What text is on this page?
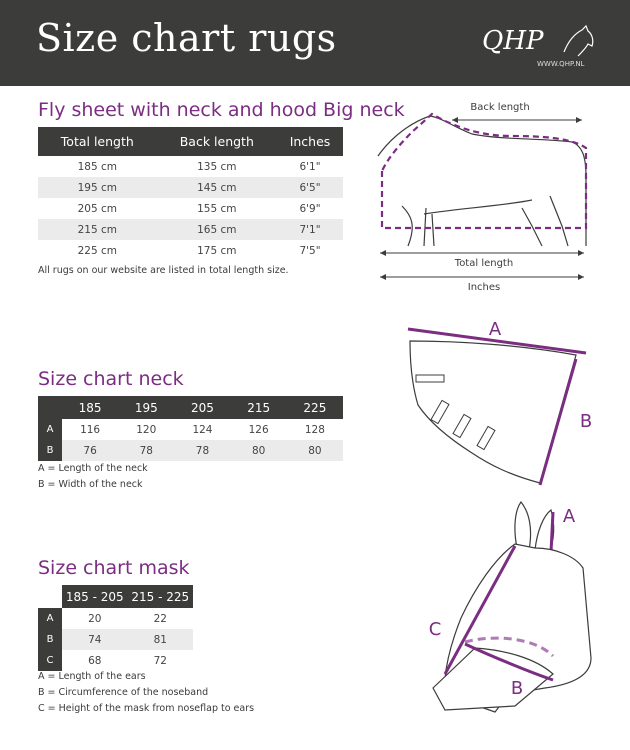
Size chart rugs	QHP
WWW.QHP.NL
Fly sheet with neck and hood Big neck
Total length	Back length	Inches
185 cm	135 cm	6'1"
195 cm	145 cm	6'5"
205 cm	155 cm	6'9"
215 cm	165 cm	7'1"
225 cm	175 cm	7'5"
All rugs on our website are listed in total length size.
Back length
Total length
Inches
Size chart neck
	185	195	205	215	225
A	116	120	124	126	128
B	76	78	78	80	80
A = Length of the neck
B = Width of the neck
A
B
Size chart mask
	185 - 205	215 - 225
A	20	22
B	74	81
C	68	72
A = Length of the ears
B = Circumference of the noseband
C = Height of the mask from noseflap to ears
A
C
B
